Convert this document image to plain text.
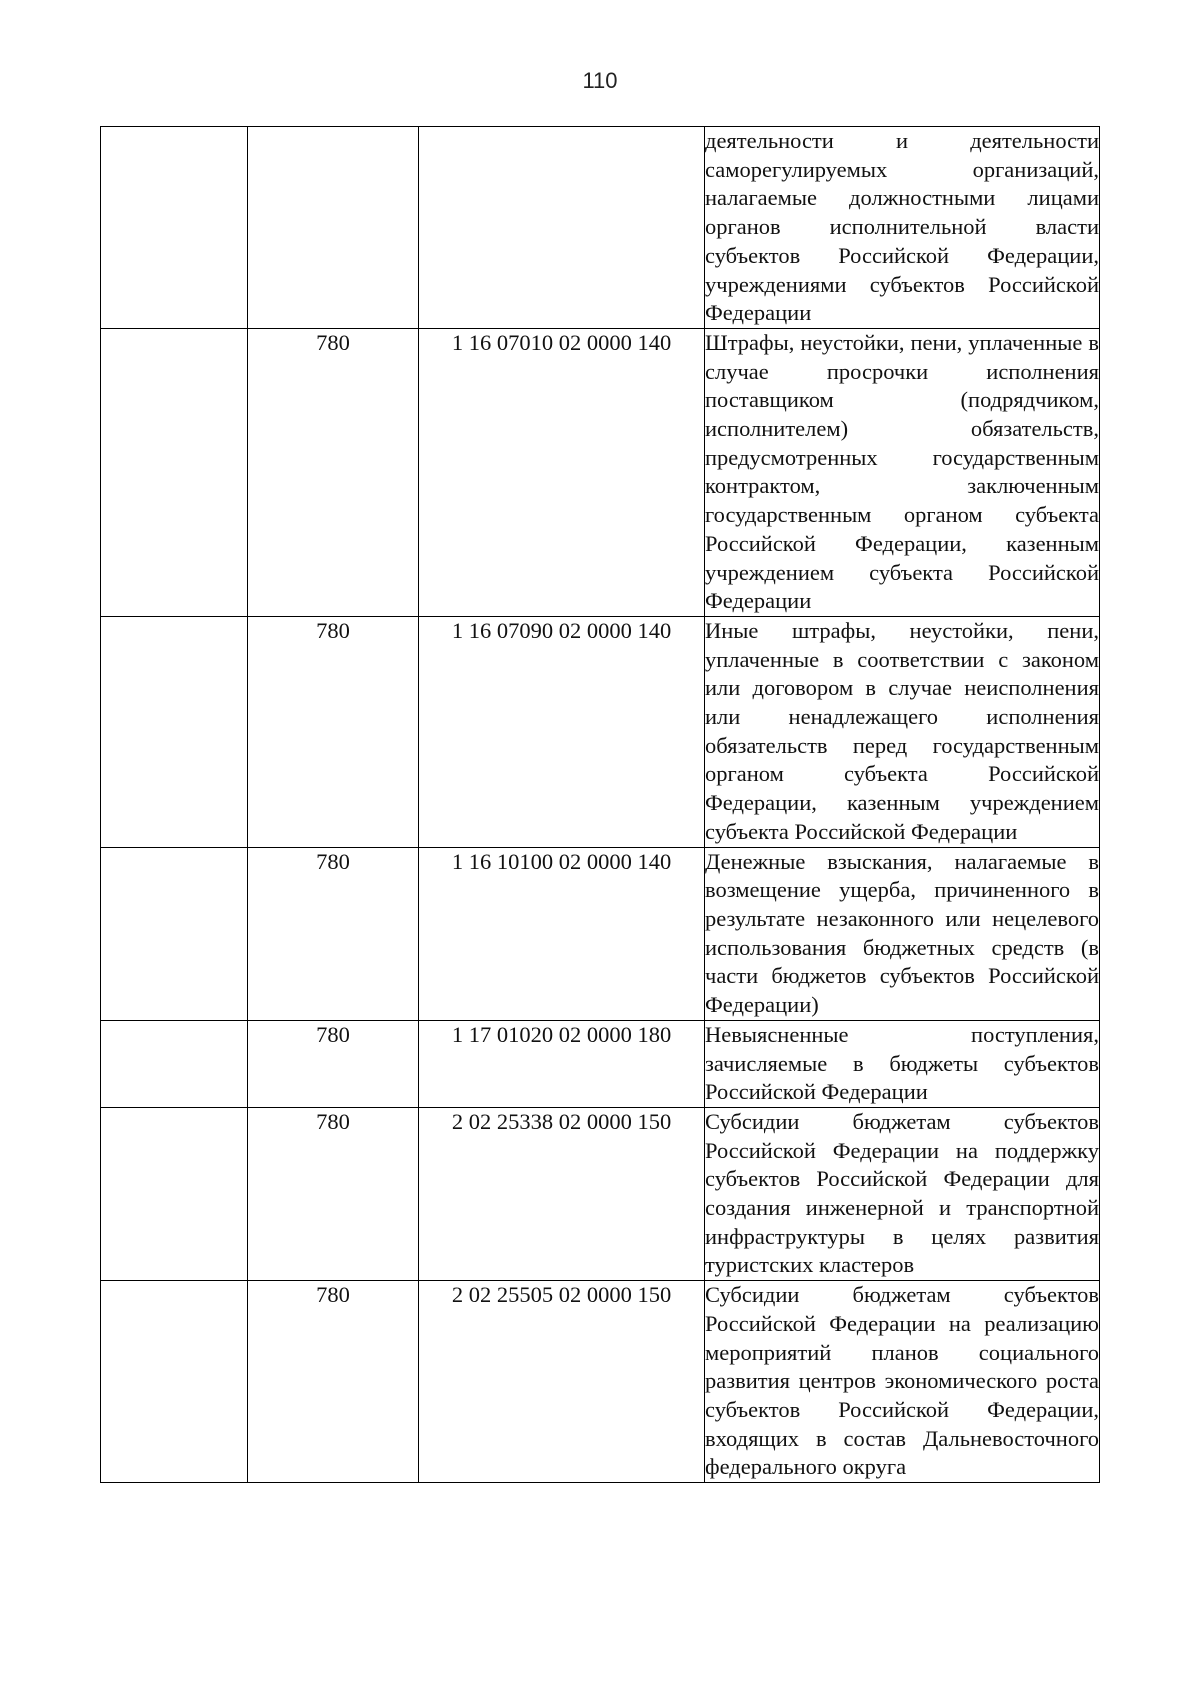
110
			деятельности и деятельности саморегулируемых организаций, налагаемые должностными лицами органов исполнительной власти субъектов Российской Федерации, учреждениями субъектов Российской Федерации
	780	1 16 07010 02 0000 140	Штрафы, неустойки, пени, уплаченные в случае просрочки исполнения поставщиком (подрядчиком, исполнителем) обязательств, предусмотренных государственным контрактом, заключенным государственным органом субъекта Российской Федерации, казенным учреждением субъекта Российской Федерации
	780	1 16 07090 02 0000 140	Иные штрафы, неустойки, пени, уплаченные в соответствии с законом или договором в случае неисполнения или ненадлежащего исполнения обязательств перед государственным органом субъекта Российской Федерации, казенным учреждением субъекта Российской Федерации
	780	1 16 10100 02 0000 140	Денежные взыскания, налагаемые в возмещение ущерба, причиненного в результате незаконного или нецелевого использования бюджетных средств (в части бюджетов субъектов Российской Федерации)
	780	1 17 01020 02 0000 180	Невыясненные поступления, зачисляемые в бюджеты субъектов Российской Федерации
	780	2 02 25338 02 0000 150	Субсидии бюджетам субъектов Российской Федерации на поддержку субъектов Российской Федерации для создания инженерной и транспортной инфраструктуры в целях развития туристских кластеров
	780	2 02 25505 02 0000 150	Субсидии бюджетам субъектов Российской Федерации на реализацию мероприятий планов социального развития центров экономического роста субъектов Российской Федерации, входящих в состав Дальневосточного федерального округа
